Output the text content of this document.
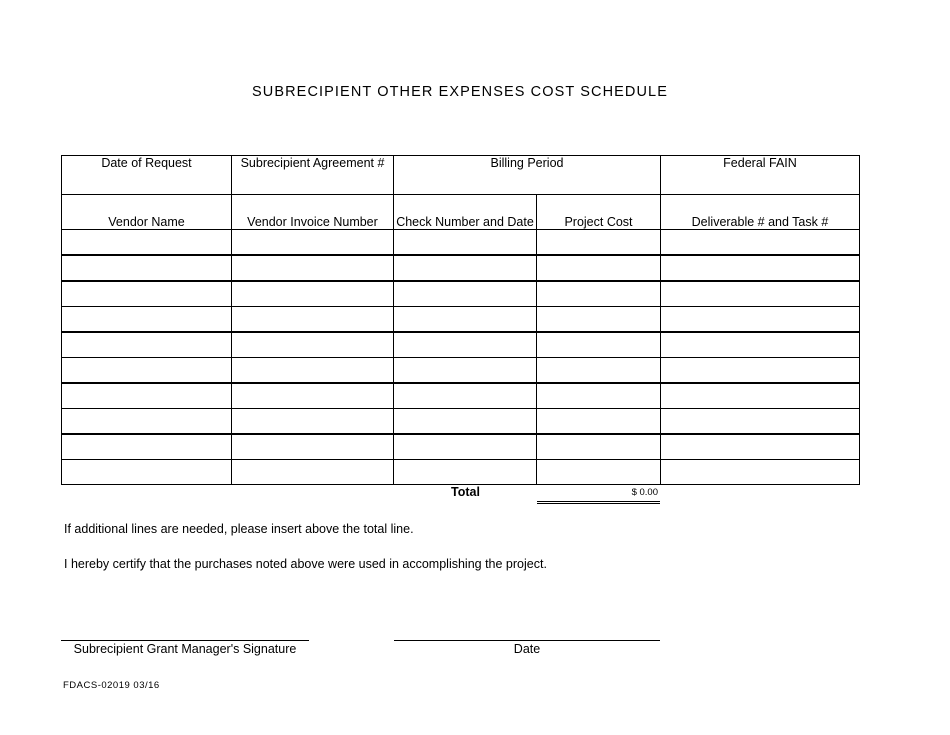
SUBRECIPIENT OTHER EXPENSES COST SCHEDULE
Date of Request	Subrecipient Agreement #	Billing Period		Federal FAIN
Vendor Name	Vendor Invoice Number	Check Number and Date	Project Cost	Deliverable # and Task #

Total	$ 0.00
If additional lines are needed, please insert above the total line.
I hereby certify that the purchases noted above were used in accomplishing the project.
Subrecipient Grant Manager's Signature	Date
FDACS-02019 03/16
